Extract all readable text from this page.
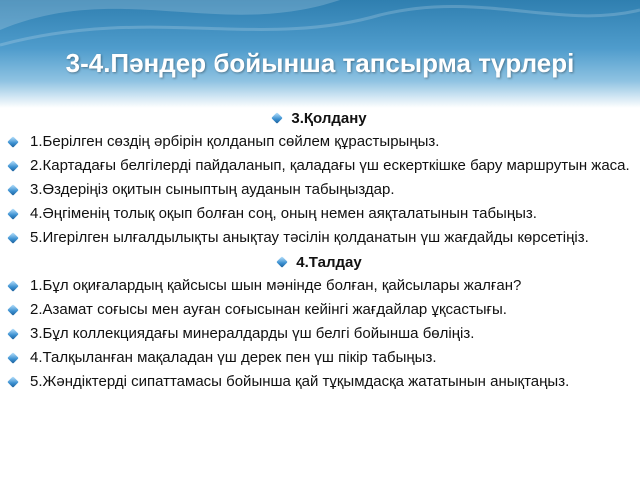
3-4.Пәндер бойынша тапсырма түрлері
3.Қолдану
1.Берілген сөздің әрбірін қолданып сөйлем құрастырыңыз.
2.Картадағы белгілерді пайдаланып, қаладағы үш ескерткішке бару маршрутын жаса.
3.Өздеріңіз оқитын сыныптың ауданын табыңыздар.
4.Әңгіменің толық оқып болған соң, оның немен аяқталатынын табыңыз.
5.Игерілген ылғалдылықты анықтау тәсілін қолданатын үш жағдайды көрсетіңіз.
4.Талдау
1.Бұл оқиғалардың қайсысы шын мәнінде болған, қайсылары жалған?
2.Азамат соғысы мен ауған соғысынан кейінгі жағдайлар ұқсастығы.
3.Бұл коллекциядағы минералдарды үш белгі бойынша бөліңіз.
4.Талқыланған мақаладан үш дерек пен үш пікір табыңыз.
5.Жәндіктерді сипаттамасы бойынша қай тұқымдасқа жататынын анықтаңыз.
